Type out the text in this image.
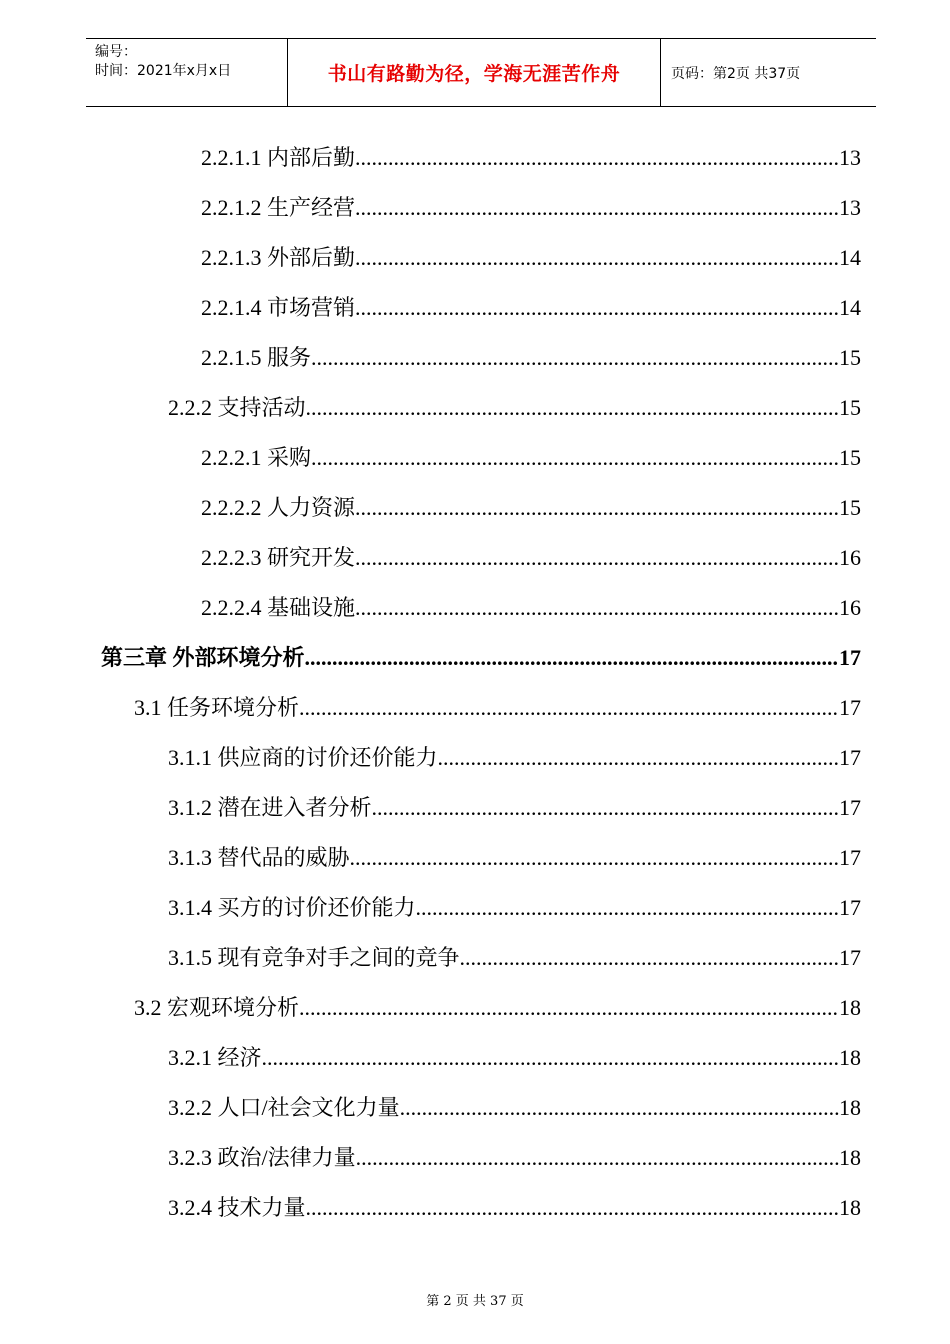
编号：
时间：2021年x月x日	书山有路勤为径，学海无涯苦作舟	页码：第2页 共37页
2.2.1.1 内部后勤 .....	13
2.2.1.2 生产经营 .....	13
2.2.1.3 外部后勤 .....	14
2.2.1.4 市场营销 .....	14
2.2.1.5 服务 .....	15
2.2.2 支持活动 .....	15
2.2.2.1 采购 .....	15
2.2.2.2 人力资源 .....	15
2.2.2.3 研究开发 .....	16
2.2.2.4 基础设施 .....	16
第三章 外部环境分析 .....	17
3.1 任务环境分析 .....	17
3.1.1 供应商的讨价还价能力 .....	17
3.1.2 潜在进入者分析 .....	17
3.1.3 替代品的威胁 .....	17
3.1.4 买方的讨价还价能力 .....	17
3.1.5 现有竞争对手之间的竞争 .....	17
3.2 宏观环境分析 .....	18
3.2.1 经济 .....	18
3.2.2 人口/社会文化力量 .....	18
3.2.3 政治/法律力量 .....	18
3.2.4 技术力量 .....	18
第 2 页 共 37 页
